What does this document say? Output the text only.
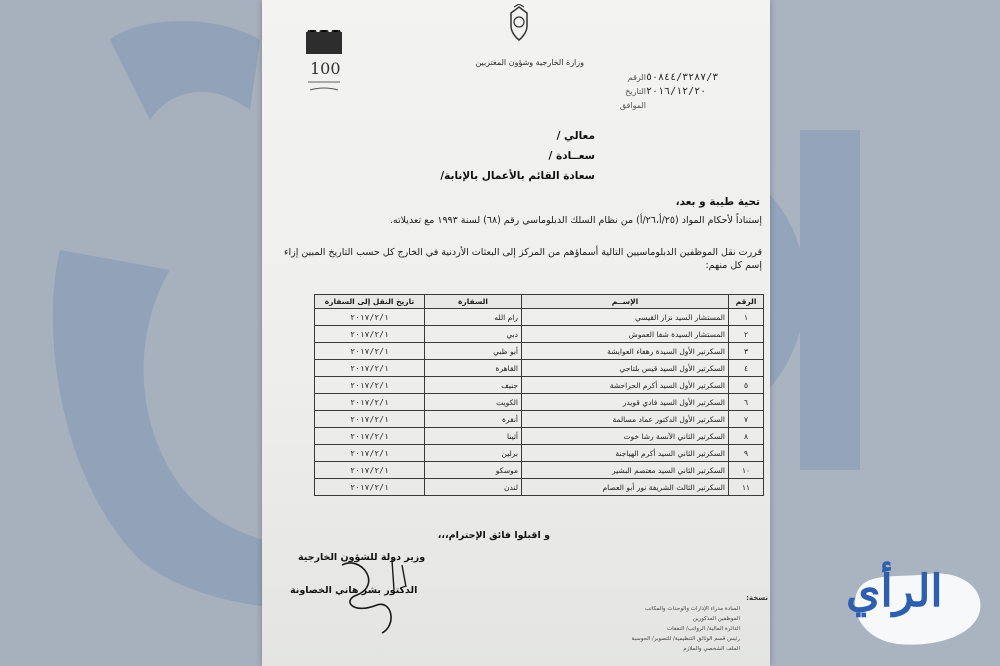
وزارة الخارجية وشؤون المغتربين
100	الرقم ٥٠٨٤٤/٣٢٨٧/٣
التاريخ ٢٠١٦/١٢/٢٠
الموافق
معالي /
سعــادة /
سعادة القائم بالأعمال بالإنابة/
تحية طيبة و بعد،
إستناداً لأحكام المواد (٢٥/أ،٢٦/أ) من نظام السلك الدبلوماسي رقم (٦٨) لسنة ١٩٩٣ مع تعديلاته.
قررت نقل الموظفين الدبلوماسيين التالية أسماؤهم من المركز إلى البعثات الأردنية في الخارج كل حسب التاريخ المبين إزاء إسم كل منهم:
الرقم	الإســم	السفارة	تاريخ النقل إلى السفارة
١	المستشار السيد نزار القيسي	رام الله	٢٠١٧/٢/١
٢	المستشار السيدة شفا العموش	دبي	٢٠١٧/٢/١
٣	السكرتير الأول السيدة رهفاء العوايشة	أبو ظبي	٢٠١٧/٢/١
٤	السكرتير الأول السيد قيس بلتاجي	القاهرة	٢٠١٧/٢/١
٥	السكرتير الأول السيد أكرم الحراحشة	جنيف	٢٠١٧/٢/١
٦	السكرتير الأول السيد فادي قويدر	الكويت	٢٠١٧/٢/١
٧	السكرتير الأول الدكتور عماد مسالمة	أنقرة	٢٠١٧/٢/١
٨	السكرتير الثاني الآنسة رشا خوت	أثينا	٢٠١٧/٢/١
٩	السكرتير الثاني السيد أكرم الهياجنة	برلين	٢٠١٧/٢/١
١٠	السكرتير الثاني السيد معتصم البشير	موسكو	٢٠١٧/٢/١
١١	السكرتير الثالث الشريفة نور أبو العصام	لندن	٢٠١٧/٢/١
و اقبلوا فائق الإحترام،،،
وزير دولة للشؤون الخارجية
الدكتور بشر هاني الخصاونة
نسخة:
السادة مدراء الإدارات والوحدات والمكاتب
الموظفين المذكورين
الدائرة المالية/ الرواتب/ النفقات
رئيس قسم الوثائق التنظيمية/ للتصوير/ الحوسبة
الملف الشخصي والملازم
الرأي
